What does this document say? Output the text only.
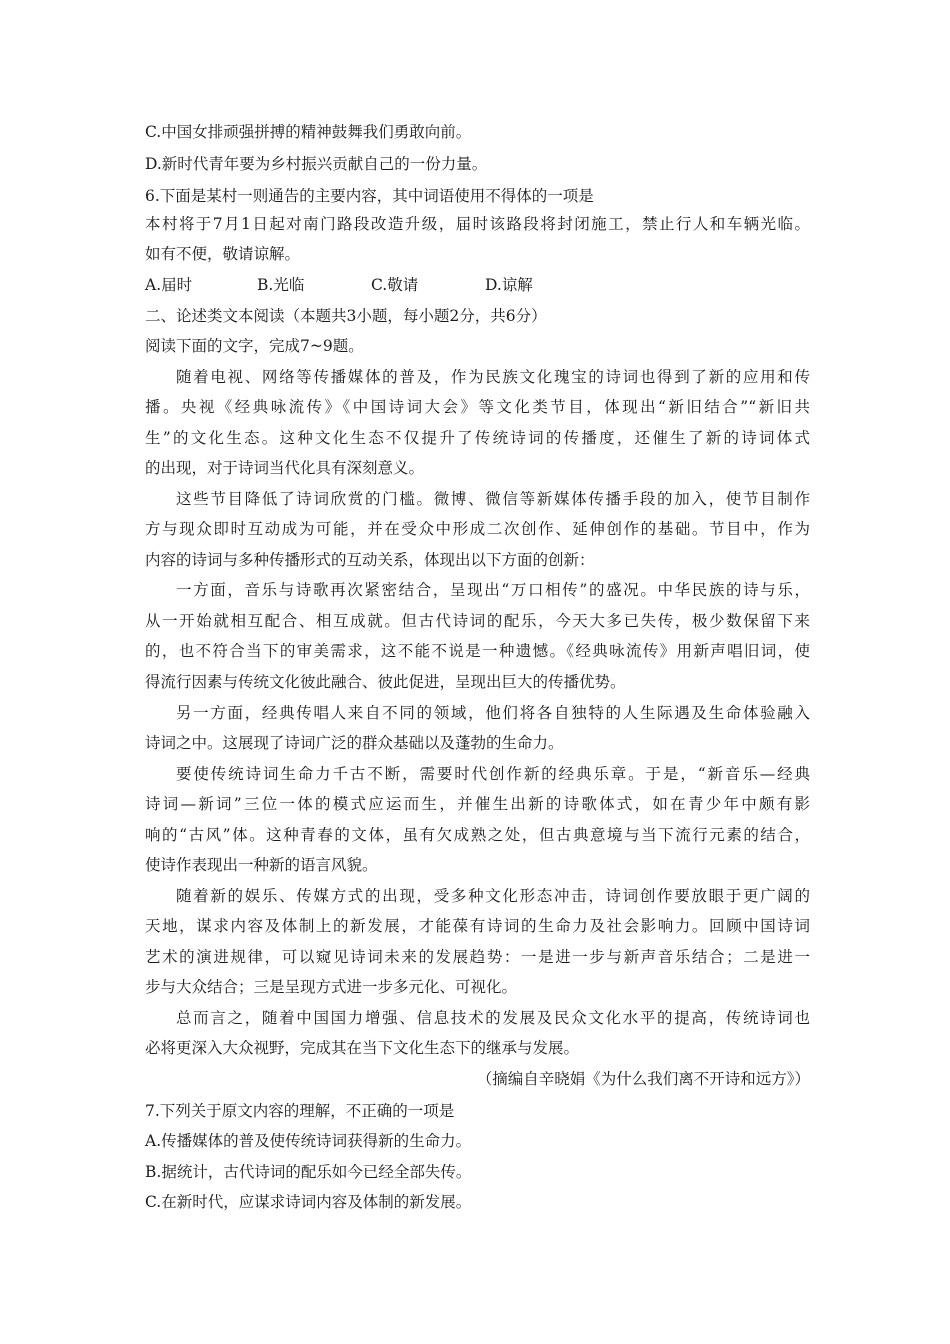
C.中国女排顽强拼搏的精神鼓舞我们勇敢向前。
D.新时代青年要为乡村振兴贡献自己的一份力量。
6.下面是某村一则通告的主要内容，其中词语使用不得体的一项是
本村将于7月1日起对南门路段改造升级，届时该路段将封闭施工，禁止行人和车辆光临。
如有不便，敬请谅解。
A.届时	B.光临	C.敬请	D.谅解
二、论述类文本阅读（本题共3小题，每小题2分，共6分）
阅读下面的文字，完成7~9题。
随着电视、网络等传播媒体的普及，作为民族文化瑰宝的诗词也得到了新的应用和传
播。央视《经典咏流传》《中国诗词大会》等文化类节目，体现出“新旧结合”“新旧共
生”的文化生态。这种文化生态不仅提升了传统诗词的传播度，还催生了新的诗词体式
的出现，对于诗词当代化具有深刻意义。
这些节目降低了诗词欣赏的门槛。微博、微信等新媒体传播手段的加入，使节目制作
方与现众即时互动成为可能，并在受众中形成二次创作、延伸创作的基础。节目中，作为
内容的诗词与多种传播形式的互动关系，体现出以下方面的创新：
一方面，音乐与诗歌再次紧密结合，呈现出“万口相传”的盛况。中华民族的诗与乐，
从一开始就相互配合、相互成就。但古代诗词的配乐，今天大多已失传，极少数保留下来
的，也不符合当下的审美需求，这不能不说是一种遗憾。《经典咏流传》用新声唱旧词，使
得流行因素与传统文化彼此融合、彼此促进，呈现出巨大的传播优势。
另一方面，经典传唱人来自不同的领域，他们将各自独特的人生际遇及生命体验融入
诗词之中。这展现了诗词广泛的群众基础以及蓬勃的生命力。
要使传统诗词生命力千古不断，需要时代创作新的经典乐章。于是，“新音乐—经典
诗词—新词”三位一体的模式应运而生，并催生出新的诗歌体式，如在青少年中颇有影
响的“古风”体。这种青春的文体，虽有欠成熟之处，但古典意境与当下流行元素的结合，
使诗作表现出一种新的语言风貌。
随着新的娱乐、传媒方式的出现，受多种文化形态冲击，诗词创作要放眼于更广阔的
天地，谋求内容及体制上的新发展，才能葆有诗词的生命力及社会影响力。回顾中国诗词
艺术的演进规律，可以窥见诗词未来的发展趋势：一是进一步与新声音乐结合；二是进一
步与大众结合；三是呈现方式进一步多元化、可视化。
总而言之，随着中国国力增强、信息技术的发展及民众文化水平的提高，传统诗词也
必将更深入大众视野，完成其在当下文化生态下的继承与发展。
（摘编自辛晓娟《为什么我们离不开诗和远方》）
7.下列关于原文内容的理解，不正确的一项是
A.传播媒体的普及使传统诗词获得新的生命力。
B.据统计，古代诗词的配乐如今已经全部失传。
C.在新时代，应谋求诗词内容及体制的新发展。
